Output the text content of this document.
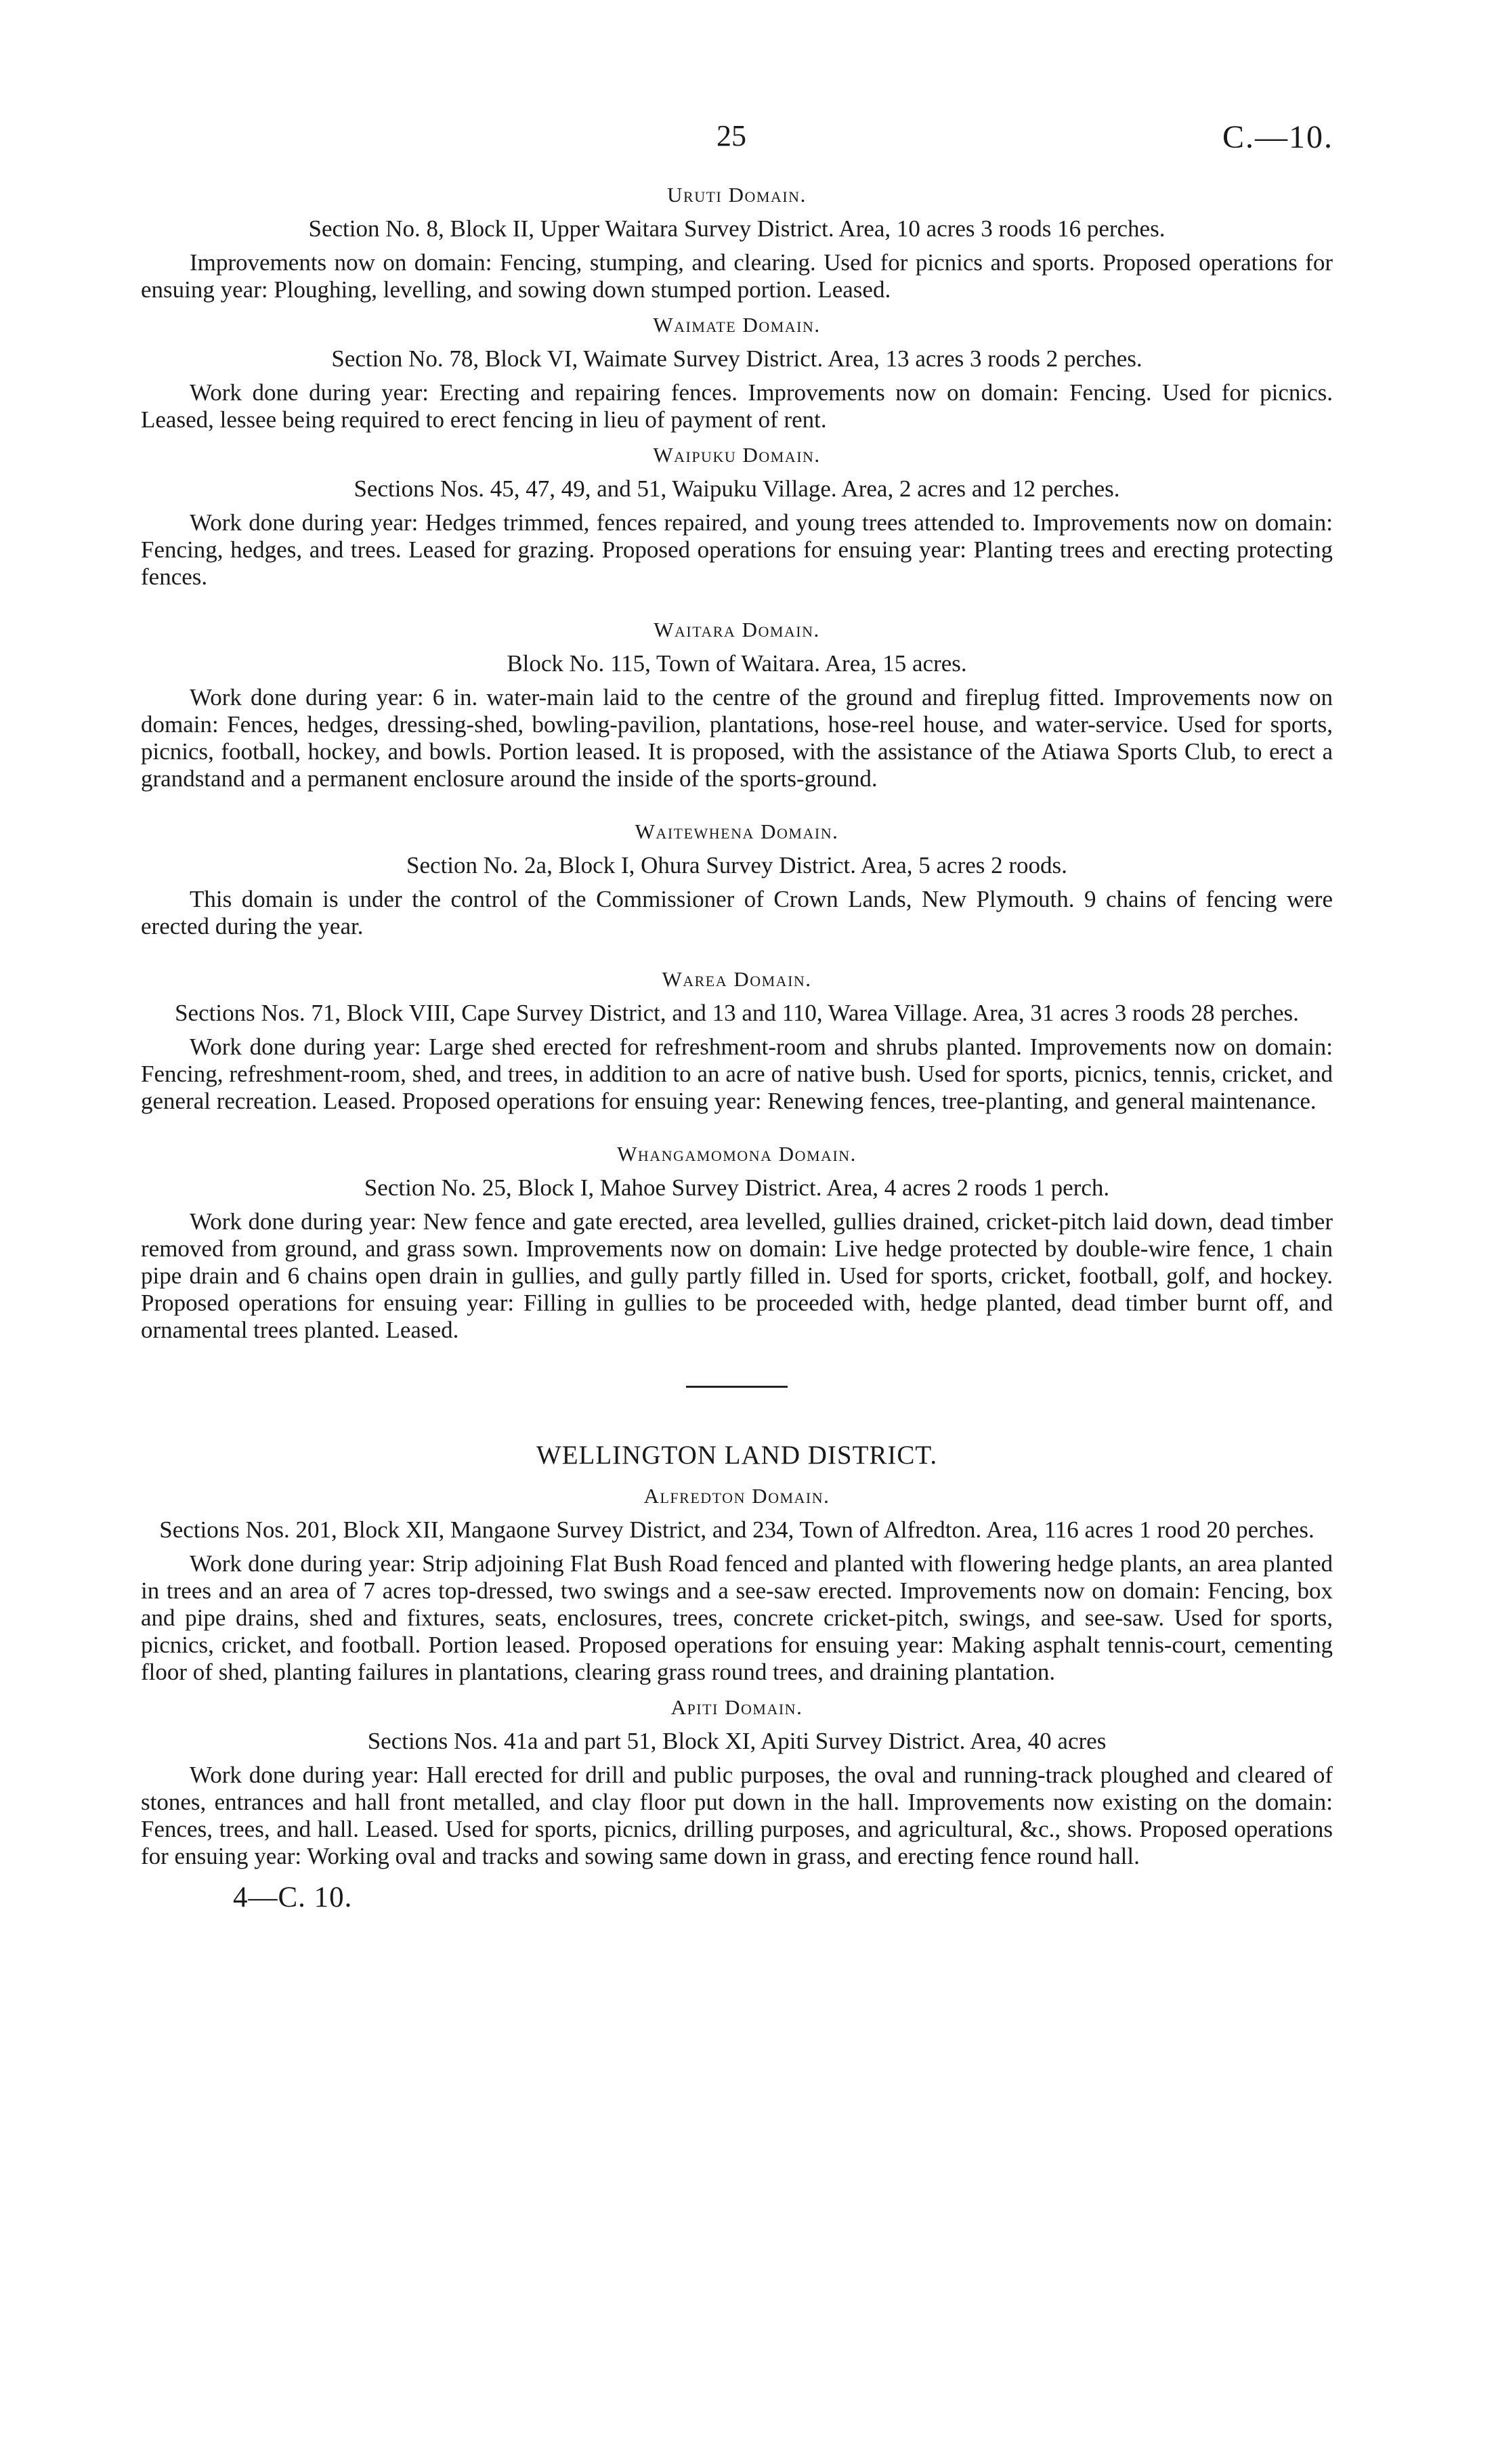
25	C.—10.
Uruti Domain.
Section No. 8, Block II, Upper Waitara Survey District. Area, 10 acres 3 roods 16 perches.

Improvements now on domain: Fencing, stumping, and clearing. Used for picnics and sports. Proposed operations for ensuing year: Ploughing, levelling, and sowing down stumped portion. Leased.

Waimate Domain.
Section No. 78, Block VI, Waimate Survey District. Area, 13 acres 3 roods 2 perches.

Work done during year: Erecting and repairing fences. Improvements now on domain: Fencing. Used for picnics. Leased, lessee being required to erect fencing in lieu of payment of rent.

Waipuku Domain.
Sections Nos. 45, 47, 49, and 51, Waipuku Village. Area, 2 acres and 12 perches.

Work done during year: Hedges trimmed, fences repaired, and young trees attended to. Improvements now on domain: Fencing, hedges, and trees. Leased for grazing. Proposed operations for ensuing year: Planting trees and erecting protecting fences.

Waitara Domain.
Block No. 115, Town of Waitara. Area, 15 acres.

Work done during year: 6 in. water-main laid to the centre of the ground and fireplug fitted. Improvements now on domain: Fences, hedges, dressing-shed, bowling-pavilion, plantations, hose-reel house, and water-service. Used for sports, picnics, football, hockey, and bowls. Portion leased. It is proposed, with the assistance of the Atiawa Sports Club, to erect a grandstand and a permanent enclosure around the inside of the sports-ground.

Waitewhena Domain.
Section No. 2a, Block I, Ohura Survey District. Area, 5 acres 2 roods.

This domain is under the control of the Commissioner of Crown Lands, New Plymouth. 9 chains of fencing were erected during the year.

Warea Domain.
Sections Nos. 71, Block VIII, Cape Survey District, and 13 and 110, Warea Village. Area, 31 acres 3 roods 28 perches.

Work done during year: Large shed erected for refreshment-room and shrubs planted. Improvements now on domain: Fencing, refreshment-room, shed, and trees, in addition to an acre of native bush. Used for sports, picnics, tennis, cricket, and general recreation. Leased. Proposed operations for ensuing year: Renewing fences, tree-planting, and general maintenance.

Whangamomona Domain.
Section No. 25, Block I, Mahoe Survey District. Area, 4 acres 2 roods 1 perch.

Work done during year: New fence and gate erected, area levelled, gullies drained, cricket-pitch laid down, dead timber removed from ground, and grass sown. Improvements now on domain: Live hedge protected by double-wire fence, 1 chain pipe drain and 6 chains open drain in gullies, and gully partly filled in. Used for sports, cricket, football, golf, and hockey. Proposed operations for ensuing year: Filling in gullies to be proceeded with, hedge planted, dead timber burnt off, and ornamental trees planted. Leased.

WELLINGTON LAND DISTRICT.
Alfredton Domain.
Sections Nos. 201, Block XII, Mangaone Survey District, and 234, Town of Alfredton. Area, 116 acres 1 rood 20 perches.

Work done during year: Strip adjoining Flat Bush Road fenced and planted with flowering hedge plants, an area planted in trees and an area of 7 acres top-dressed, two swings and a see-saw erected. Improvements now on domain: Fencing, box and pipe drains, shed and fixtures, seats, enclosures, trees, concrete cricket-pitch, swings, and see-saw. Used for sports, picnics, cricket, and football. Portion leased. Proposed operations for ensuing year: Making asphalt tennis-court, cementing floor of shed, planting failures in plantations, clearing grass round trees, and draining plantation.

Apiti Domain.
Sections Nos. 41a and part 51, Block XI, Apiti Survey District. Area, 40 acres

Work done during year: Hall erected for drill and public purposes, the oval and running-track ploughed and cleared of stones, entrances and hall front metalled, and clay floor put down in the hall. Improvements now existing on the domain: Fences, trees, and hall. Leased. Used for sports, picnics, drilling purposes, and agricultural, &c., shows. Proposed operations for ensuing year: Working oval and tracks and sowing same down in grass, and erecting fence round hall.

4—C. 10.
